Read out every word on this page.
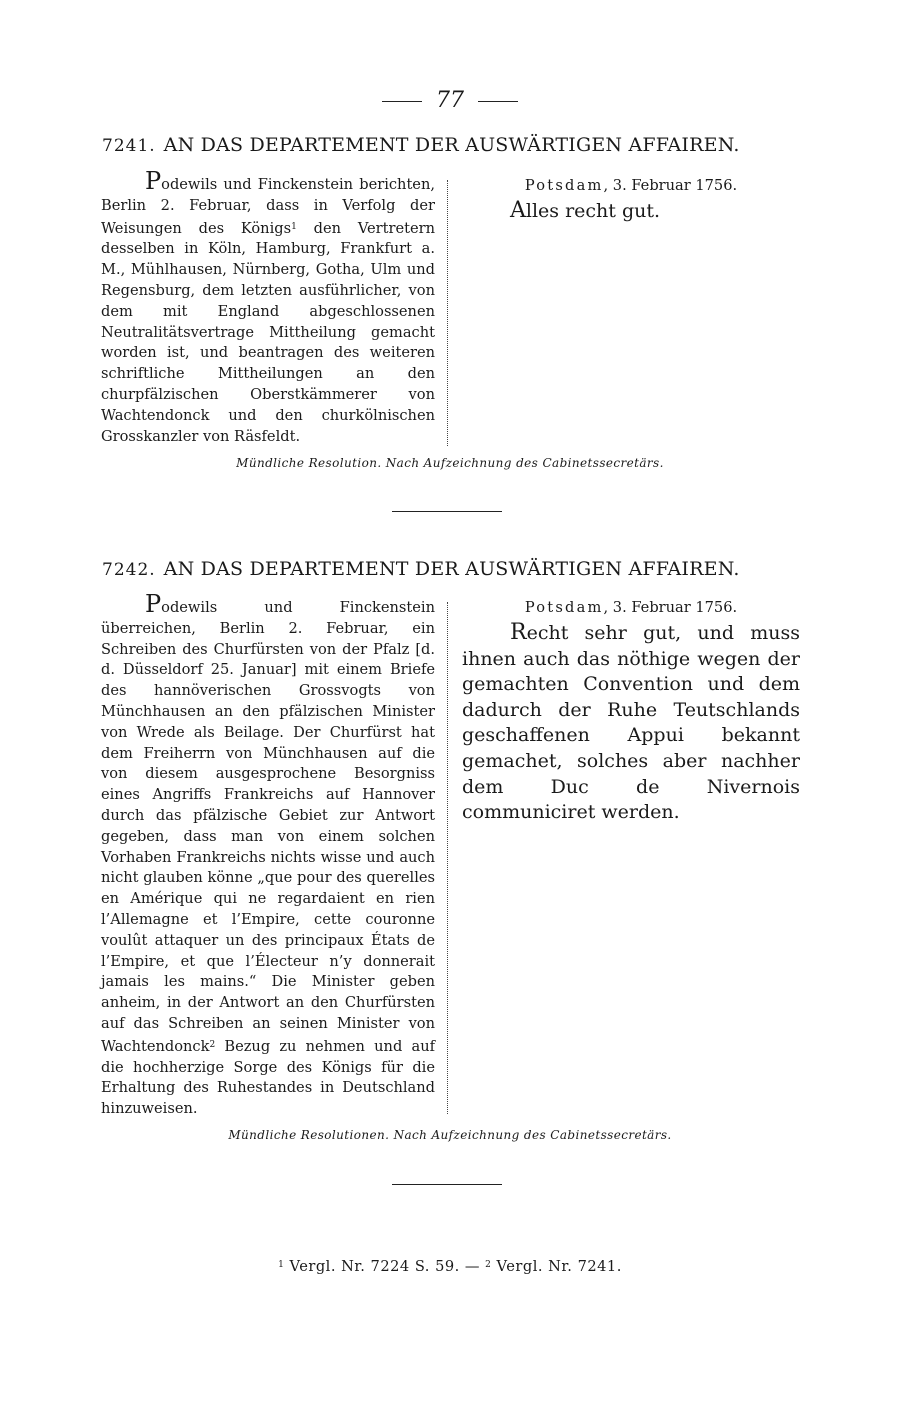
77
7241. AN DAS DEPARTEMENT DER AUSWÄRTIGEN AFFAIREN.
Podewils und Finckenstein berichten, Berlin 2. Februar, dass in Verfolg der Weisungen des Königs$^1$ den Vertretern desselben in Köln, Hamburg, Frankfurt a. M., Mühlhausen, Nürnberg, Gotha, Ulm und Regensburg, dem letzten ausführlicher, von dem mit England abgeschlossenen Neutralitätsvertrage Mittheilung gemacht worden ist, und beantragen des weiteren schriftliche Mittheilungen an den churpfälzischen Oberstkämmerer von Wachtendonck und den churkölnischen Grosskanzler von Räsfeldt.
Potsdam, 3. Februar 1756.
Alles recht gut.
Mündliche Resolution. Nach Aufzeichnung des Cabinetssecretärs.
7242. AN DAS DEPARTEMENT DER AUSWÄRTIGEN AFFAIREN.
Podewils und Finckenstein überreichen, Berlin 2. Februar, ein Schreiben des Churfürsten von der Pfalz [d. d. Düsseldorf 25. Januar] mit einem Briefe des hannöverischen Grossvogts von Münchhausen an den pfälzischen Minister von Wrede als Beilage. Der Churfürst hat dem Freiherrn von Münchhausen auf die von diesem ausgesprochene Besorgniss eines Angriffs Frankreichs auf Hannover durch das pfälzische Gebiet zur Antwort gegeben, dass man von einem solchen Vorhaben Frankreichs nichts wisse und auch nicht glauben könne „que pour des querelles en Amérique qui ne regardaient en rien l’Allemagne et l’Empire, cette couronne voulût attaquer un des principaux États de l’Empire, et que l’Électeur n’y donnerait jamais les mains.“ Die Minister geben anheim, in der Antwort an den Churfürsten auf das Schreiben an seinen Minister von Wachtendonck$^2$ Bezug zu nehmen und auf die hochherzige Sorge des Königs für die Erhaltung des Ruhestandes in Deutschland hinzuweisen.
Potsdam, 3. Februar 1756.
Recht sehr gut, und muss ihnen auch das nöthige wegen der gemachten Convention und dem dadurch der Ruhe Teutschlands geschaffenen Appui bekannt gemachet, solches aber nachher dem Duc de Nivernois communiciret werden.
Mündliche Resolutionen. Nach Aufzeichnung des Cabinetssecretärs.
$^1$ Vergl. Nr. 7224 S. 59. — $^2$ Vergl. Nr. 7241.
